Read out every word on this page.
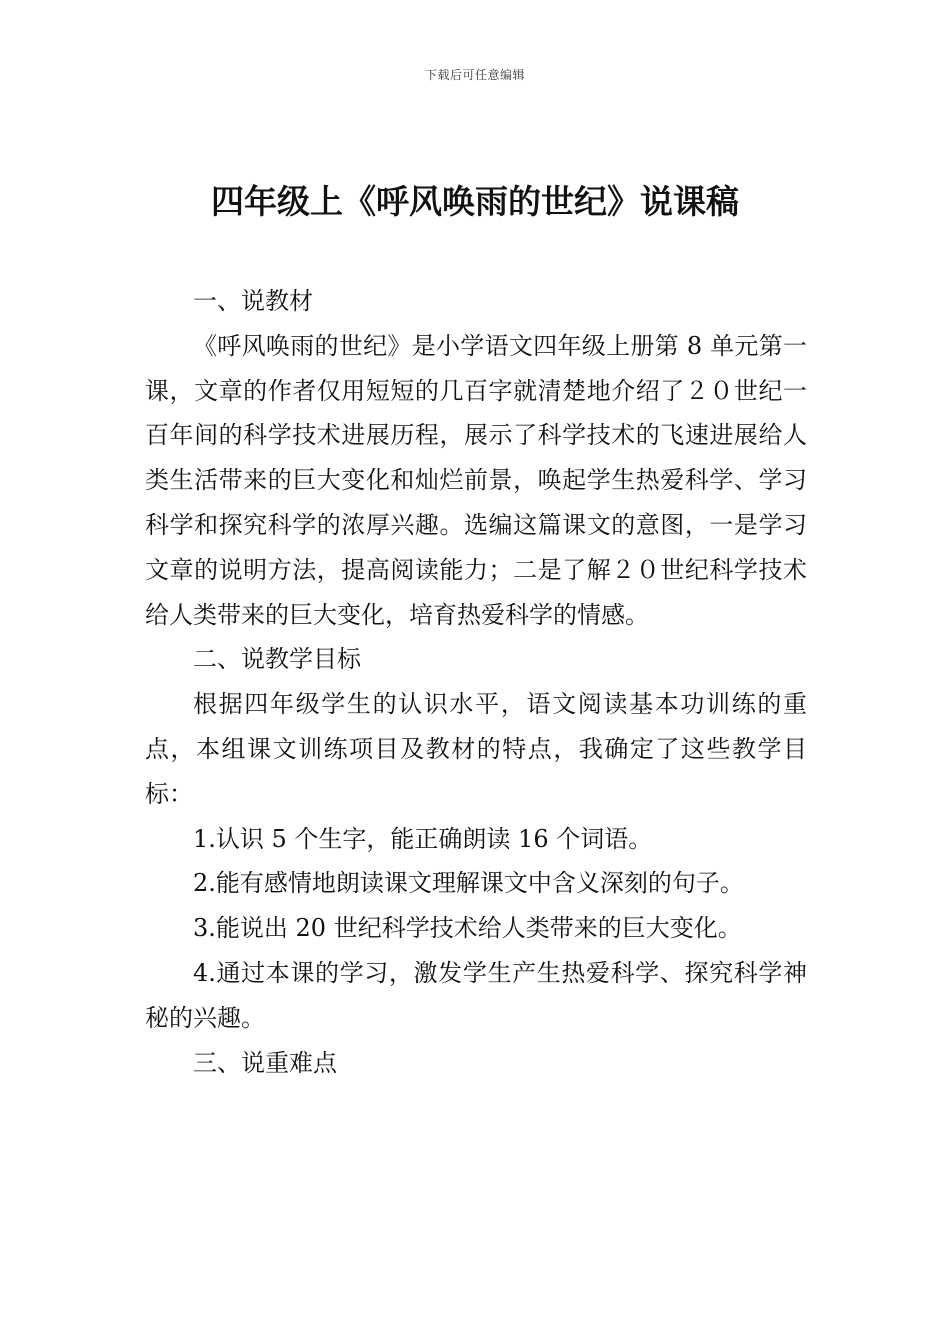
下载后可任意编辑
四年级上《呼风唤雨的世纪》说课稿

一、说教材

《呼风唤雨的世纪》是小学语文四年级上册第 8 单元第一课，文章的作者仅用短短的几百字就清楚地介绍了２０世纪一百年间的科学技术进展历程，展示了科学技术的飞速进展给人类生活带来的巨大变化和灿烂前景，唤起学生热爱科学、学习科学和探究科学的浓厚兴趣。选编这篇课文的意图，一是学习文章的说明方法，提高阅读能力；二是了解２０世纪科学技术给人类带来的巨大变化，培育热爱科学的情感。

二、说教学目标

根据四年级学生的认识水平，语文阅读基本功训练的重点，本组课文训练项目及教材的特点，我确定了这些教学目标：

1.认识 5 个生字，能正确朗读 16 个词语。

2.能有感情地朗读课文理解课文中含义深刻的句子。

3.能说出 20 世纪科学技术给人类带来的巨大变化。

4.通过本课的学习，激发学生产生热爱科学、探究科学神秘的兴趣。

三、说重难点
